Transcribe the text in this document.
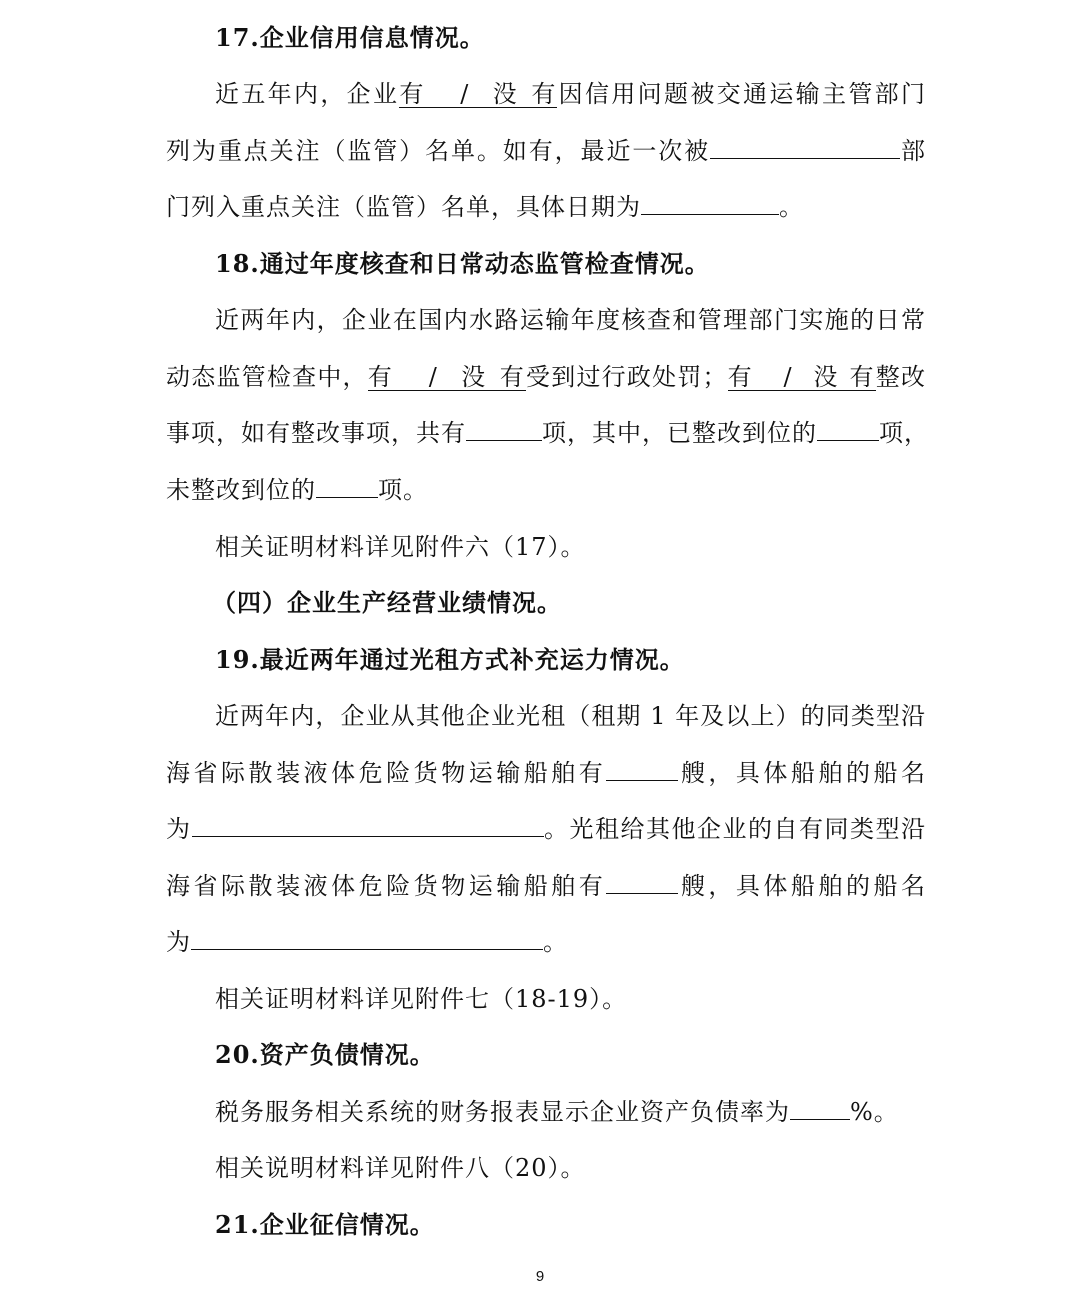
17.企业信用信息情况。
近五年内，企业有 / 没有因信用问题被交通运输主管部门
列为重点关注（监管）名单。如有，最近一次被	部
门列入重点关注（监管）名单，具体日期为	。
18.通过年度核查和日常动态监管检查情况。
近两年内，企业在国内水路运输年度核查和管理部门实施的日常
动态监管检查中，有 / 没有受到过行政处罚；有 / 没有整改
事项，如有整改事项，共有	项，其中，已整改到位的	项，
未整改到位的	项。
相关证明材料详见附件六（17）。
（四）企业生产经营业绩情况。
19.最近两年通过光租方式补充运力情况。
近两年内，企业从其他企业光租（租期 1 年及以上）的同类型沿
海省际散装液体危险货物运输船舶有	艘，具体船舶的船名
为	。光租给其他企业的自有同类型沿
海省际散装液体危险货物运输船舶有	艘，具体船舶的船名
为	。
相关证明材料详见附件七（18-19）。
20.资产负债情况。
税务服务相关系统的财务报表显示企业资产负债率为	%。
相关说明材料详见附件八（20）。
21.企业征信情况。
9
